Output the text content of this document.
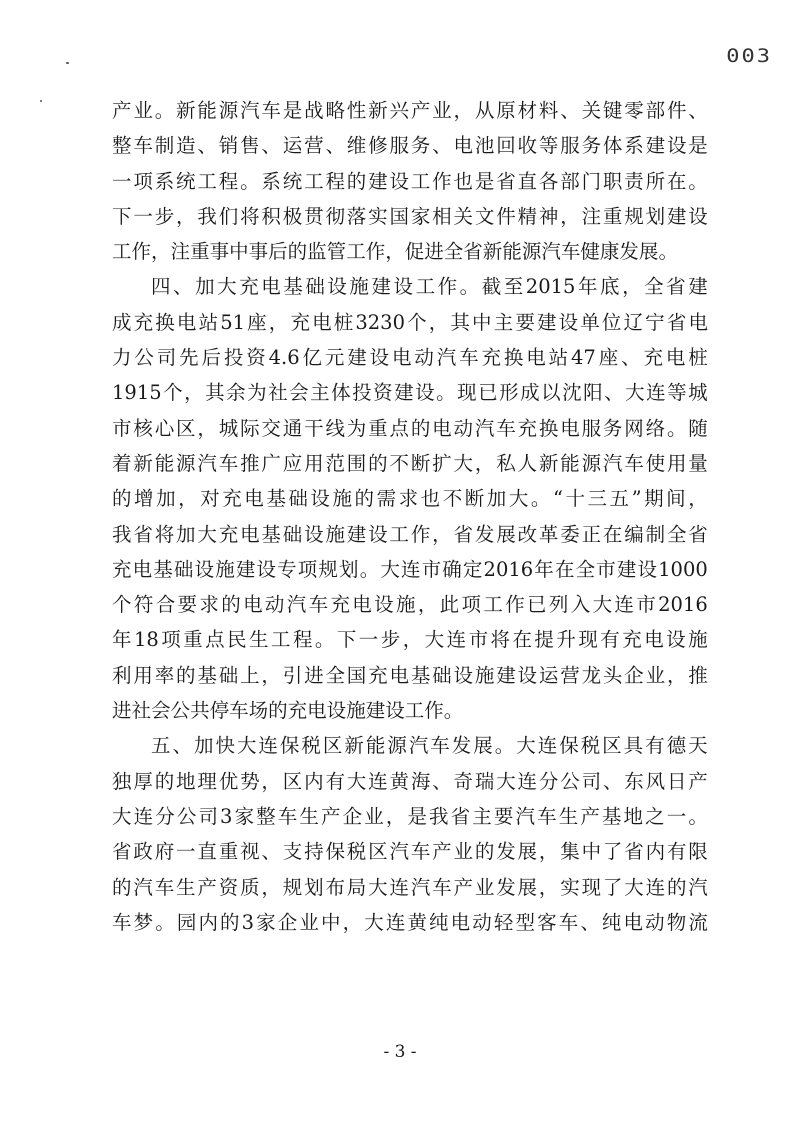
003
产 业 。 新 能 源 汽 车 是 战 略 性 新 兴 产 业 ， 从 原 材 料 、 关 键 零 部 件 、
整 车 制 造 、 销 售 、 运 营 、 维 修 服 务 、 电 池 回 收 等 服 务 体 系 建 设 是
一 项 系 统 工 程 。 系 统 工 程 的 建 设 工 作 也 是 省 直 各 部 门 职 责 所 在 。
下 一 步 ， 我 们 将 积 极 贯 彻 落 实 国 家 相 关 文 件 精 神 ， 注 重 规 划 建 设
工 作 ， 注 重 事 中 事 后 的 监 管 工 作 ， 促 进 全 省 新 能 源 汽 车 健 康 发 展 。
四 、 加 大 充 电 基 础 设 施 建 设 工 作 。 截 至 2015 年 底 ， 全 省 建
成 充 换 电 站 51 座 ， 充 电 桩 3230 个 ， 其 中 主 要 建 设 单 位 辽 宁 省 电
力 公 司 先 后 投 资 4.6 亿 元 建 设 电 动 汽 车 充 换 电 站 47 座 、 充 电 桩
1915 个 ， 其 余 为 社 会 主 体 投 资 建 设 。 现 已 形 成 以 沈 阳 、 大 连 等 城
市 核 心 区 ， 城 际 交 通 干 线 为 重 点 的 电 动 汽 车 充 换 电 服 务 网 络 。 随
着 新 能 源 汽 车 推 广 应 用 范 围 的 不 断 扩 大 ， 私 人 新 能 源 汽 车 使 用 量
的 增 加 ， 对 充 电 基 础 设 施 的 需 求 也 不 断 加 大 。 “ 十 三 五 ” 期 间 ，
我 省 将 加 大 充 电 基 础 设 施 建 设 工 作 ， 省 发 展 改 革 委 正 在 编 制 全 省
充 电 基 础 设 施 建 设 专 项 规 划 。 大 连 市 确 定 2016 年 在 全 市 建 设 1000
个 符 合 要 求 的 电 动 汽 车 充 电 设 施 ， 此 项 工 作 已 列 入 大 连 市 2016
年 18 项 重 点 民 生 工 程 。 下 一 步 ， 大 连 市 将 在 提 升 现 有 充 电 设 施
利 用 率 的 基 础 上 ， 引 进 全 国 充 电 基 础 设 施 建 设 运 营 龙 头 企 业 ， 推
进 社 会 公 共 停 车 场 的 充 电 设 施 建 设 工 作 。
五 、 加 快 大 连 保 税 区 新 能 源 汽 车 发 展 。 大 连 保 税 区 具 有 德 天
独 厚 的 地 理 优 势 ， 区 内 有 大 连 黄 海 、 奇 瑞 大 连 分 公 司 、 东 风 日 产
大 连 分 公 司 3 家 整 车 生 产 企 业 ， 是 我 省 主 要 汽 车 生 产 基 地 之 一 。
省 政 府 一 直 重 视 、 支 持 保 税 区 汽 车 产 业 的 发 展 ， 集 中 了 省 内 有 限
的 汽 车 生 产 资 质 ， 规 划 布 局 大 连 汽 车 产 业 发 展 ， 实 现 了 大 连 的 汽
车 梦 。 园 内 的 3 家 企 业 中 ， 大 连 黄 纯 电 动 轻 型 客 车 、 纯 电 动 物 流
- 3 -
